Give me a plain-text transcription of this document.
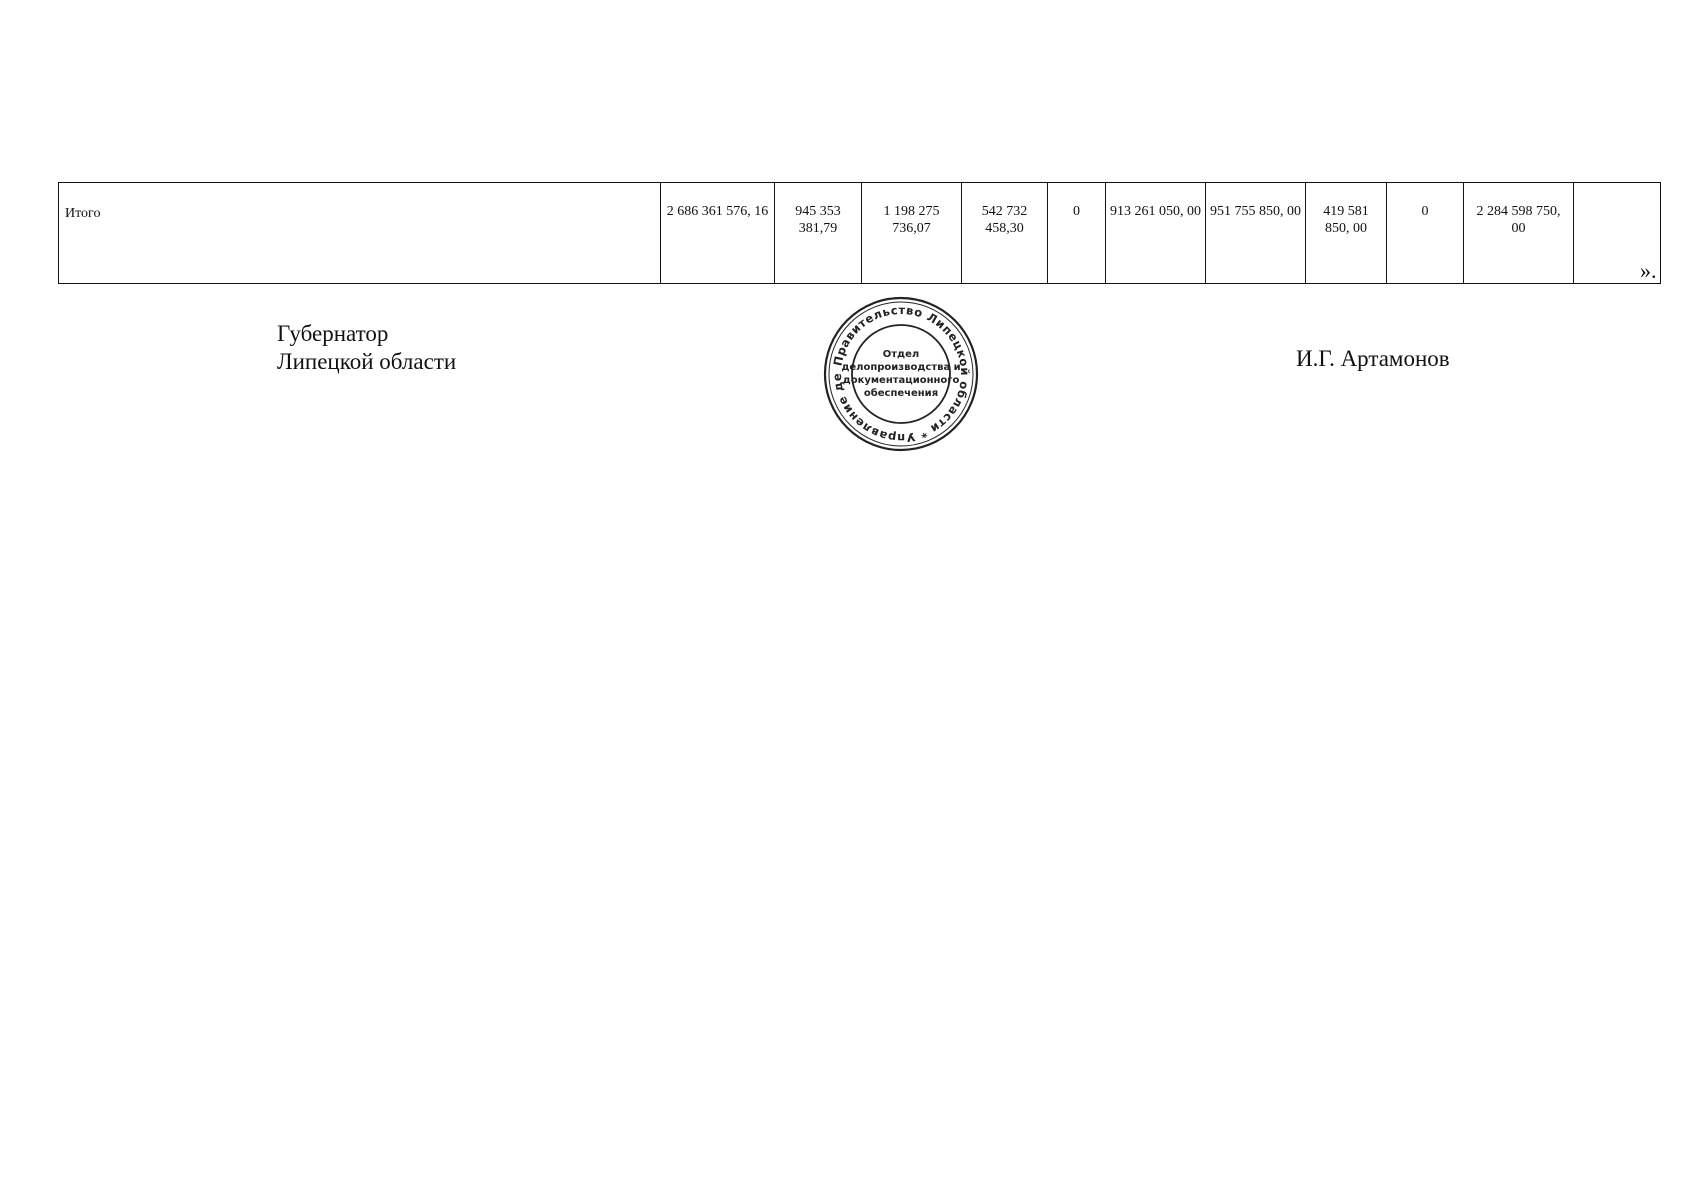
Итого	2 686 361 576, 16	945 353 381,79	1 198 275 736,07	542 732 458,30	0	913 261 050, 00	951 755 850, 00	419 581 850, 00	0	2 284 598 750, 00	
».
Губернатор
Липецкой области	Правительство Липецкой области * Управление де
Отдел
делопроизводства и
документационного
обеспечения
И.Г. Артамонов
